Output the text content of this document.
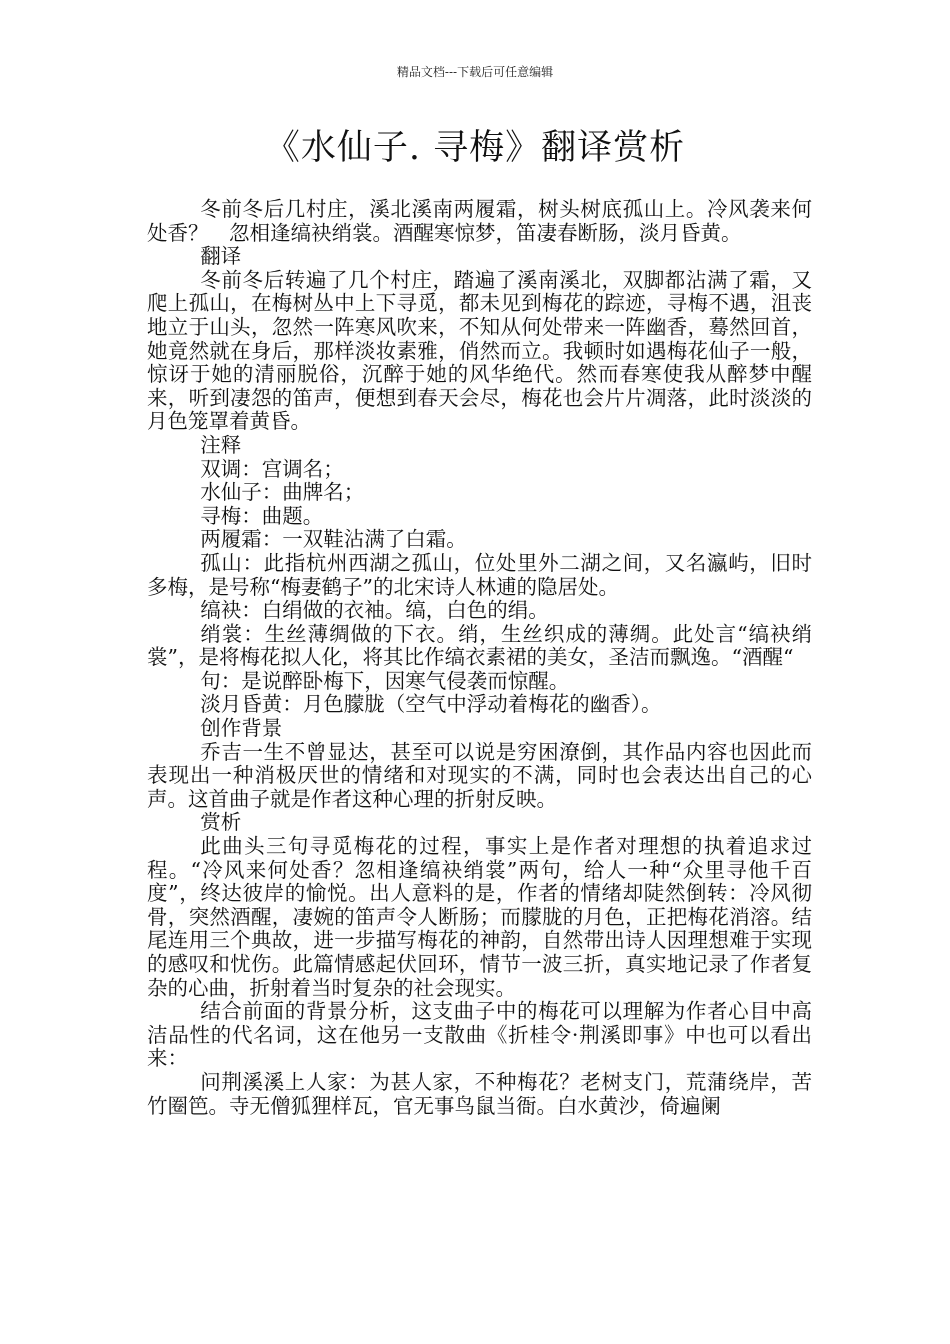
精品文档---下载后可任意编辑
《水仙子. 寻梅》翻译赏析

冬前冬后几村庄，溪北溪南两履霜，树头树底孤山上。冷风袭来何处香？　忽相逢缟袂绡裳。酒醒寒惊梦，笛凄春断肠，淡月昏黄。

翻译

冬前冬后转遍了几个村庄，踏遍了溪南溪北，双脚都沾满了霜，又爬上孤山，在梅树丛中上下寻觅，都未见到梅花的踪迹，寻梅不遇，沮丧地立于山头，忽然一阵寒风吹来，不知从何处带来一阵幽香，蓦然回首，她竟然就在身后，那样淡妆素雅，俏然而立。我顿时如遇梅花仙子一般，惊讶于她的清丽脱俗，沉醉于她的风华绝代。然而春寒使我从醉梦中醒来，听到凄怨的笛声，便想到春天会尽，梅花也会片片凋落，此时淡淡的月色笼罩着黄昏。

注释

双调：宫调名；

水仙子：曲牌名；

寻梅：曲题。

两履霜：一双鞋沾满了白霜。

孤山：此指杭州西湖之孤山，位处里外二湖之间，又名瀛屿，旧时多梅，是号称“梅妻鹤子”的北宋诗人林逋的隐居处。

缟袂：白绢做的衣袖。缟，白色的绢。

绡裳：生丝薄绸做的下衣。绡，生丝织成的薄绸。此处言“缟袂绡裳”，是将梅花拟人化，将其比作缟衣素裙的美女，圣洁而飘逸。“酒醒“

句：是说醉卧梅下，因寒气侵袭而惊醒。

淡月昏黄：月色朦胧（空气中浮动着梅花的幽香）。

创作背景

乔吉一生不曾显达，甚至可以说是穷困潦倒，其作品内容也因此而表现出一种消极厌世的情绪和对现实的不满，同时也会表达出自己的心声。这首曲子就是作者这种心理的折射反映。

赏析

此曲头三句寻觅梅花的过程，事实上是作者对理想的执着追求过程。“冷风来何处香？忽相逢缟袂绡裳”两句，给人一种“众里寻他千百度”，终达彼岸的愉悦。出人意料的是，作者的情绪却陡然倒转：冷风彻骨，突然酒醒，凄婉的笛声令人断肠；而朦胧的月色，正把梅花消溶。结尾连用三个典故，进一步描写梅花的神韵，自然带出诗人因理想难于实现的感叹和忧伤。此篇情感起伏回环，情节一波三折，真实地记录了作者复杂的心曲，折射着当时复杂的社会现实。

结合前面的背景分析，这支曲子中的梅花可以理解为作者心目中高洁品性的代名词，这在他另一支散曲《折桂令·荆溪即事》中也可以看出来：

问荆溪溪上人家：为甚人家，不种梅花？老树支门，荒蒲绕岸，苦竹圈笆。寺无僧狐狸样瓦，官无事鸟鼠当衙。白水黄沙，倚遍阑
